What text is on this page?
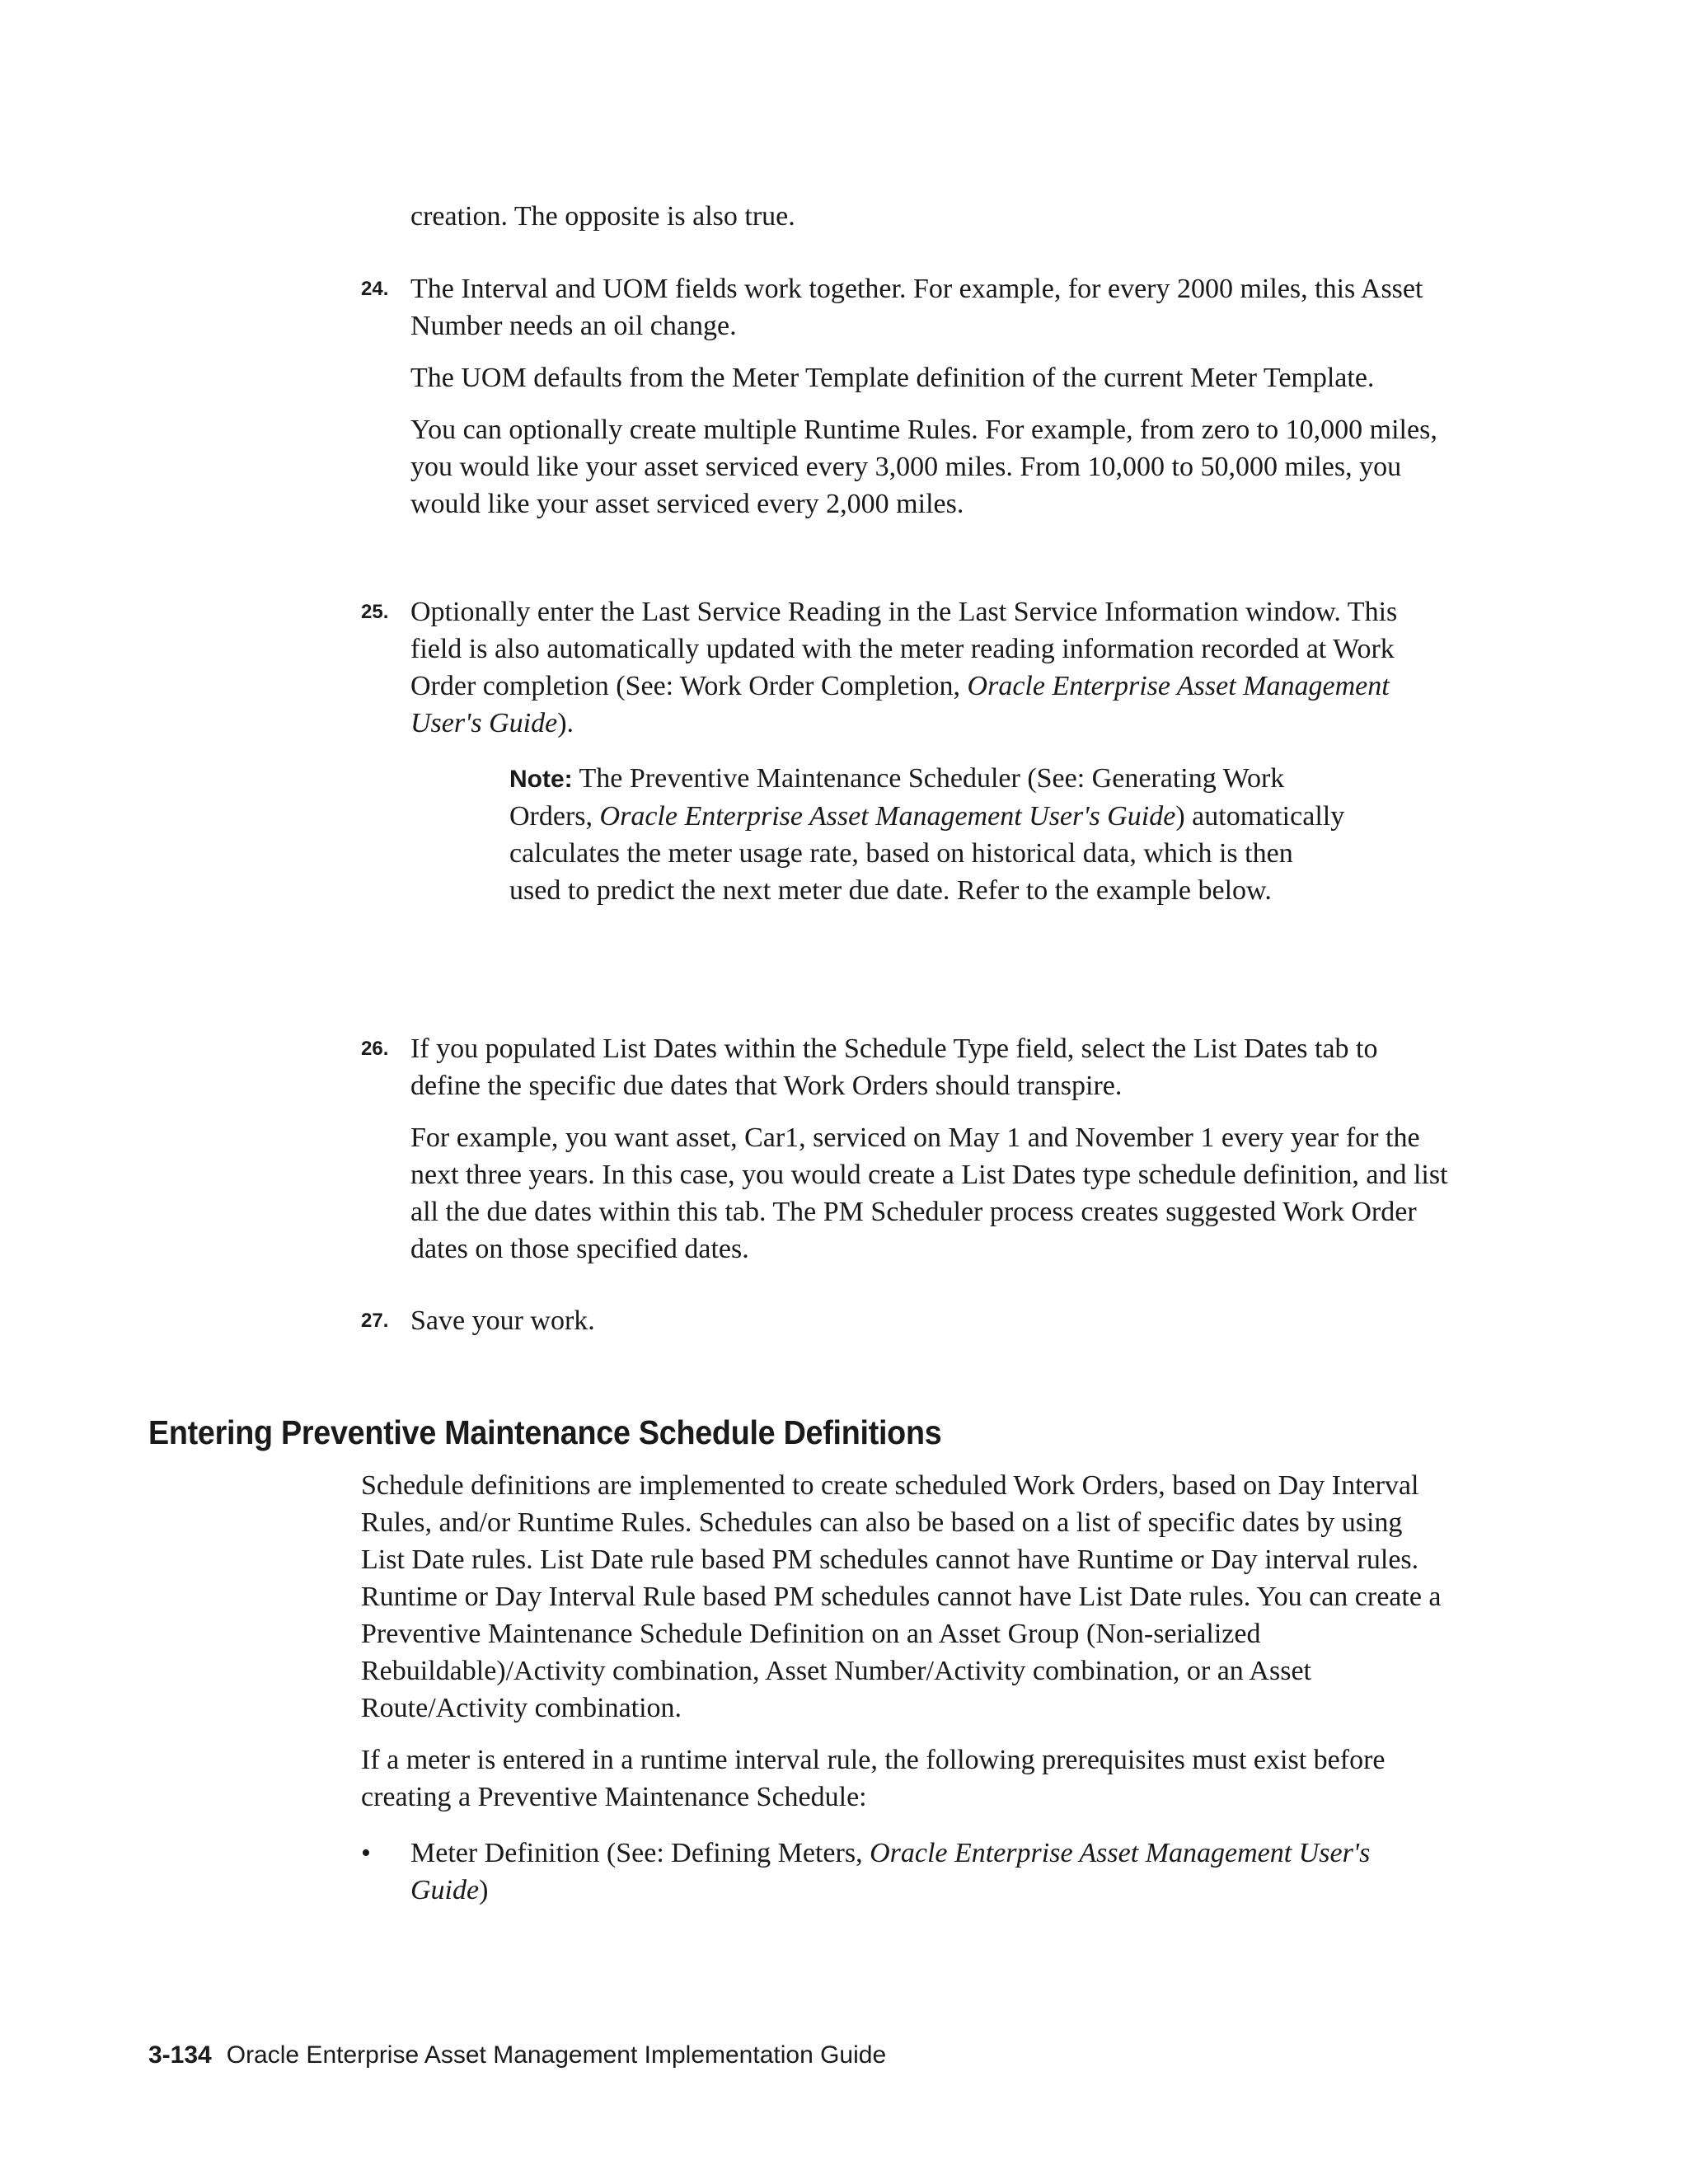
creation. The opposite is also true.
24. The Interval and UOM fields work together. For example, for every 2000 miles, this Asset Number needs an oil change.

The UOM defaults from the Meter Template definition of the current Meter Template.

You can optionally create multiple Runtime Rules. For example, from zero to 10,000 miles, you would like your asset serviced every 3,000 miles. From 10,000 to 50,000 miles, you would like your asset serviced every 2,000 miles.

25. Optionally enter the Last Service Reading in the Last Service Information window. This field is also automatically updated with the meter reading information recorded at Work Order completion (See: Work Order Completion, Oracle Enterprise Asset Management User's Guide).

Note: The Preventive Maintenance Scheduler (See: Generating Work Orders, Oracle Enterprise Asset Management User's Guide) automatically calculates the meter usage rate, based on historical data, which is then used to predict the next meter due date. Refer to the example below.

26. If you populated List Dates within the Schedule Type field, select the List Dates tab to define the specific due dates that Work Orders should transpire.

For example, you want asset, Car1, serviced on May 1 and November 1 every year for the next three years. In this case, you would create a List Dates type schedule definition, and list all the due dates within this tab. The PM Scheduler process creates suggested Work Order dates on those specified dates.

27. Save your work.

Entering Preventive Maintenance Schedule Definitions

Schedule definitions are implemented to create scheduled Work Orders, based on Day Interval Rules, and/or Runtime Rules. Schedules can also be based on a list of specific dates by using List Date rules. List Date rule based PM schedules cannot have Runtime or Day interval rules. Runtime or Day Interval Rule based PM schedules cannot have List Date rules. You can create a Preventive Maintenance Schedule Definition on an Asset Group (Non-serialized Rebuildable)/Activity combination, Asset Number/Activity combination, or an Asset Route/Activity combination.

If a meter is entered in a runtime interval rule, the following prerequisites must exist before creating a Preventive Maintenance Schedule:

• Meter Definition (See: Defining Meters, Oracle Enterprise Asset Management User's Guide)

3-134 Oracle Enterprise Asset Management Implementation Guide
